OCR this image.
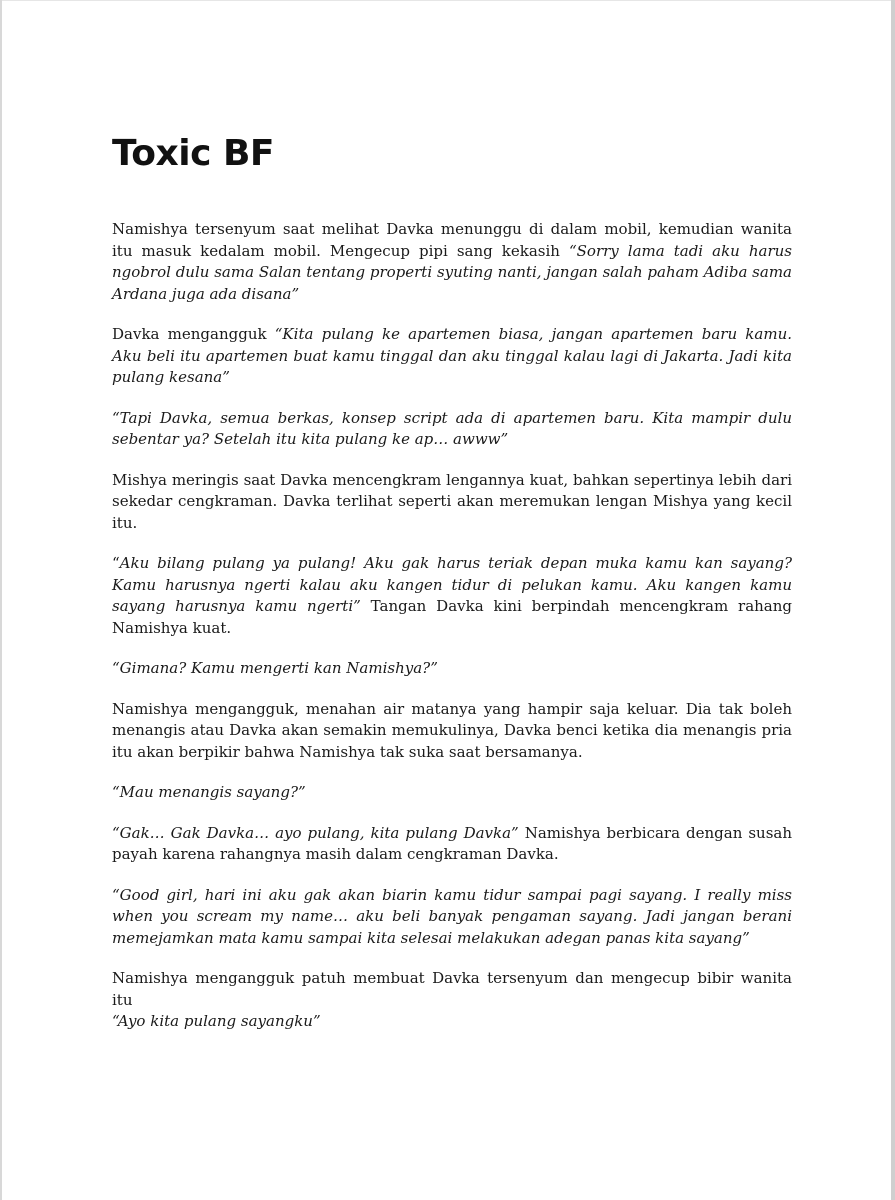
Toxic BF

Namishya tersenyum saat melihat Davka menunggu di dalam mobil, kemudian wanita itu masuk kedalam mobil. Mengecup pipi sang kekasih “Sorry lama tadi aku harus ngobrol dulu sama Salan tentang properti syuting nanti, jangan salah paham Adiba sama Ardana juga ada disana”

Davka mengangguk “Kita pulang ke apartemen biasa, jangan apartemen baru kamu. Aku beli itu apartemen buat kamu tinggal dan aku tinggal kalau lagi di Jakarta. Jadi kita pulang kesana”

“Tapi Davka, semua berkas, konsep script ada di apartemen baru. Kita mampir dulu sebentar ya? Setelah itu kita pulang ke ap… awww”

Mishya meringis saat Davka mencengkram lengannya kuat, bahkan sepertinya lebih dari sekedar cengkraman. Davka terlihat seperti akan meremukan lengan Mishya yang kecil itu.

“Aku bilang pulang ya pulang! Aku gak harus teriak depan muka kamu kan sayang? Kamu harusnya ngerti kalau aku kangen tidur di pelukan kamu. Aku kangen kamu sayang harusnya kamu ngerti” Tangan Davka kini berpindah mencengkram rahang Namishya kuat.

“Gimana? Kamu mengerti kan Namishya?”

Namishya mengangguk, menahan air matanya yang hampir saja keluar. Dia tak boleh menangis atau Davka akan semakin memukulinya, Davka benci ketika dia menangis pria itu akan berpikir bahwa Namishya tak suka saat bersamanya.

“Mau menangis sayang?”

“Gak… Gak Davka… ayo pulang, kita pulang Davka” Namishya berbicara dengan susah payah karena rahangnya masih dalam cengkraman Davka.

“Good girl, hari ini aku gak akan biarin kamu tidur sampai pagi sayang. I really miss when you scream my name… aku beli banyak pengaman sayang. Jadi jangan berani memejamkan mata kamu sampai kita selesai melakukan adegan panas kita sayang”

Namishya mengangguk patuh membuat Davka tersenyum dan mengecup bibir wanita itu
“Ayo kita pulang sayangku”
